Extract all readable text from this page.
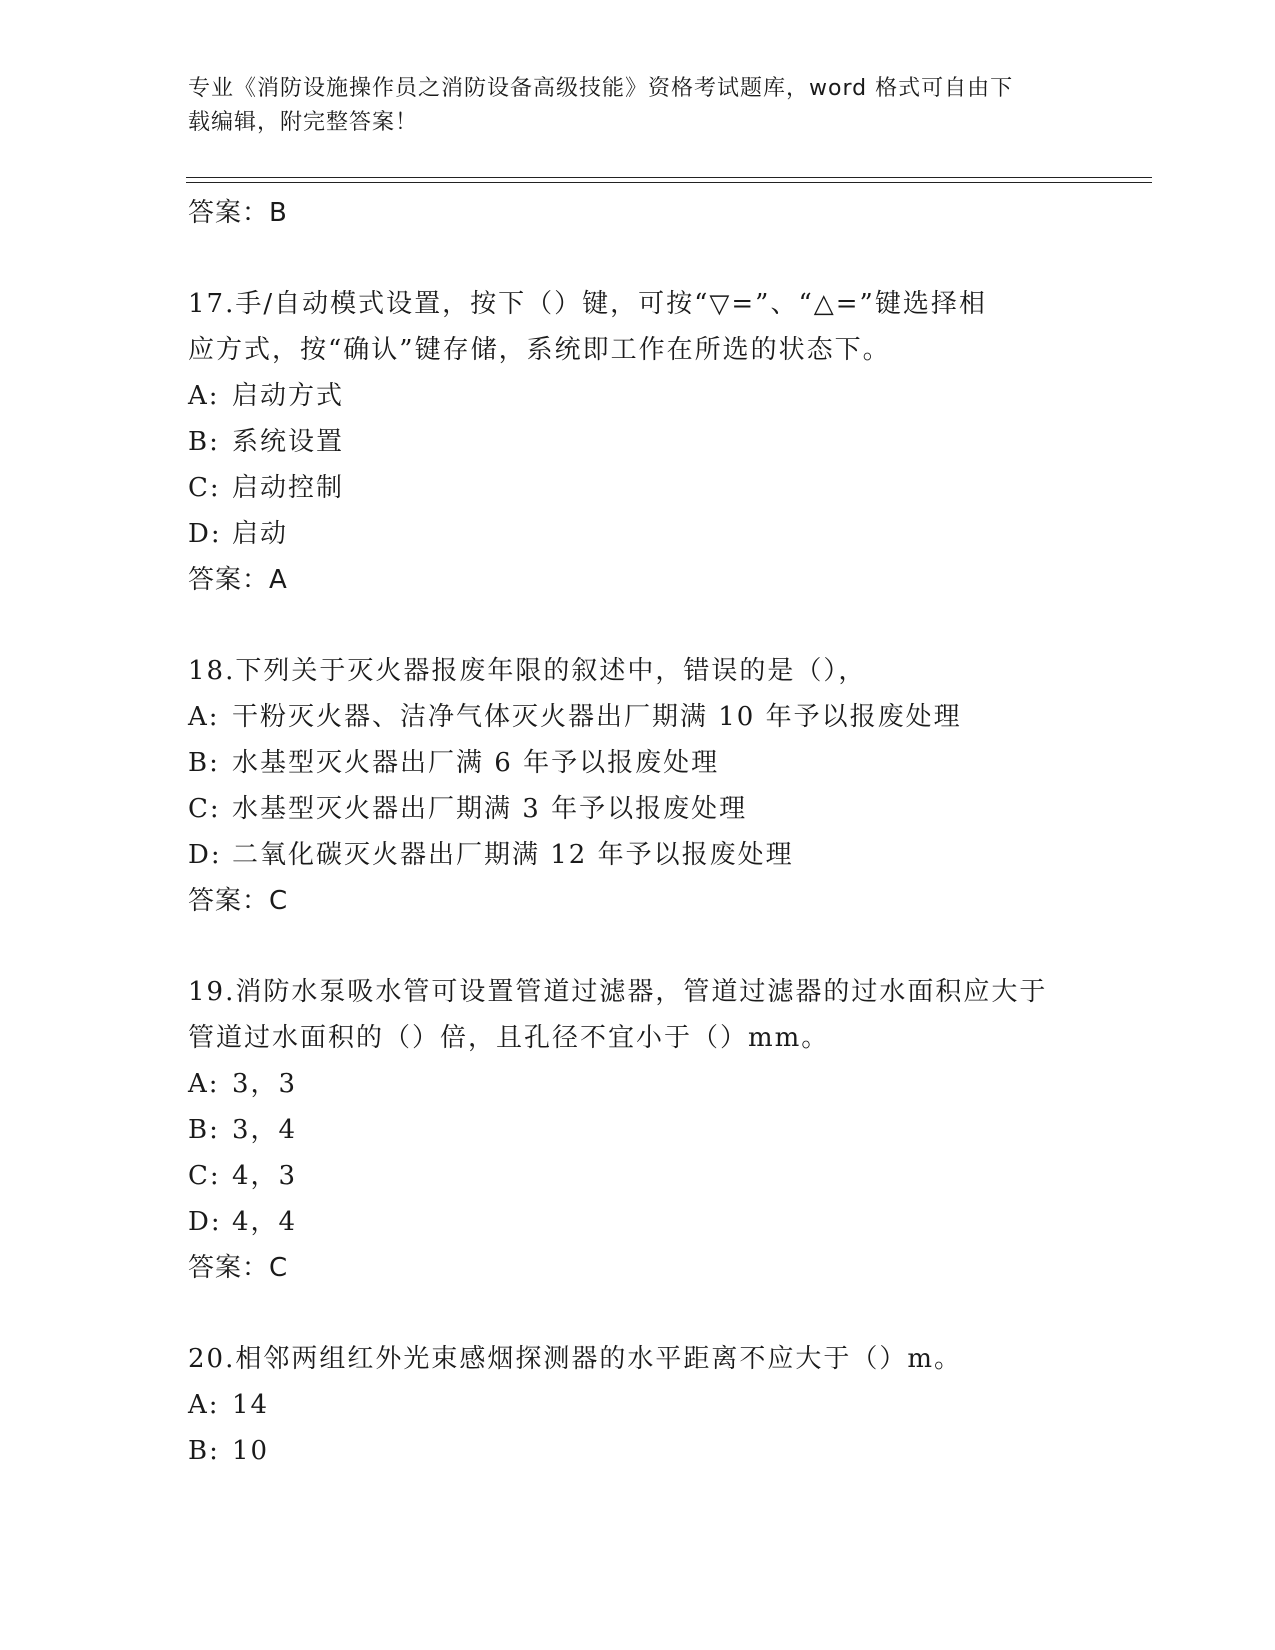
专业《消防设施操作员之消防设备高级技能》资格考试题库，word 格式可自由下
载编辑，附完整答案！
答案：B
17.手/自动模式设置，按下（）键，可按“▽=”、“△=”键选择相
应方式，按“确认”键存储，系统即工作在所选的状态下。
A: 启动方式
B: 系统设置
C: 启动控制
D: 启动
答案：A
18.下列关于灭火器报废年限的叙述中，错误的是（），
A: 干粉灭火器、洁净气体灭火器出厂期满 10 年予以报废处理
B: 水基型灭火器出厂满 6 年予以报废处理
C: 水基型灭火器出厂期满 3 年予以报废处理
D: 二氧化碳灭火器出厂期满 12 年予以报废处理
答案：C
19.消防水泵吸水管可设置管道过滤器，管道过滤器的过水面积应大于
管道过水面积的（）倍，且孔径不宜小于（）mm。
A: 3，3
B: 3，4
C: 4，3
D: 4，4
答案：C
20.相邻两组红外光束感烟探测器的水平距离不应大于（）m。
A: 14
B: 10
